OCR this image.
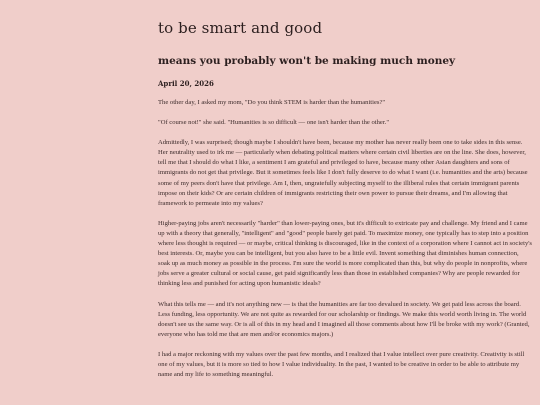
to be smart and good
means you probably won't be making much money
April 20, 2026

The other day, I asked my mom, "Do you think STEM is harder than the humanities?"

"Of course not!" she said. "Humanities is so difficult — one isn't harder than the other."

Admittedly, I was surprised; though maybe I shouldn't have been, because my mother has never really been one to take sides in this sense. Her neutrality used to irk me — particularly when debating political matters where certain civil liberties are on the line. She does, however, tell me that I should do what I like, a sentiment I am grateful and privileged to have, because many other Asian daughters and sons of immigrants do not get that privilege. But it sometimes feels like I don't fully deserve to do what I want (i.e. humanities and the arts) because some of my peers don't have that privilege. Am I, then, ungratefully subjecting myself to the illiberal rules that certain immigrant parents impose on their kids? Or are certain children of immigrants restricting their own power to pursue their dreams, and I'm allowing that framework to permeate into my values?

Higher-paying jobs aren't necessarily "harder" than lower-paying ones, but it's difficult to extricate pay and challenge. My friend and I came up with a theory that generally, "intelligent" and "good" people barely get paid. To maximize money, one typically has to step into a position where less thought is required — or maybe, critical thinking is discouraged, like in the context of a corporation where I cannot act in society's best interests. Or, maybe you can be intelligent, but you also have to be a little evil. Invent something that diminishes human connection, soak up as much money as possible in the process. I'm sure the world is more complicated than this, but why do people in nonprofits, where jobs serve a greater cultural or social cause, get paid significantly less than those in established companies? Why are people rewarded for thinking less and punished for acting upon humanistic ideals?

What this tells me — and it's not anything new — is that the humanities are far too devalued in society. We get paid less across the board. Less funding, less opportunity. We are not quite as rewarded for our scholarship or findings. We make this world worth living in. The world doesn't see us the same way. Or is all of this in my head and I imagined all those comments about how I'll be broke with my work? (Granted, everyone who has told me that are men and/or economics majors.)

I had a major reckoning with my values over the past few months, and I realized that I value intellect over pure creativity. Creativity is still one of my values, but it is more so tied to how I value individuality. In the past, I wanted to be creative in order to be able to attribute my name and my life to something meaningful.
